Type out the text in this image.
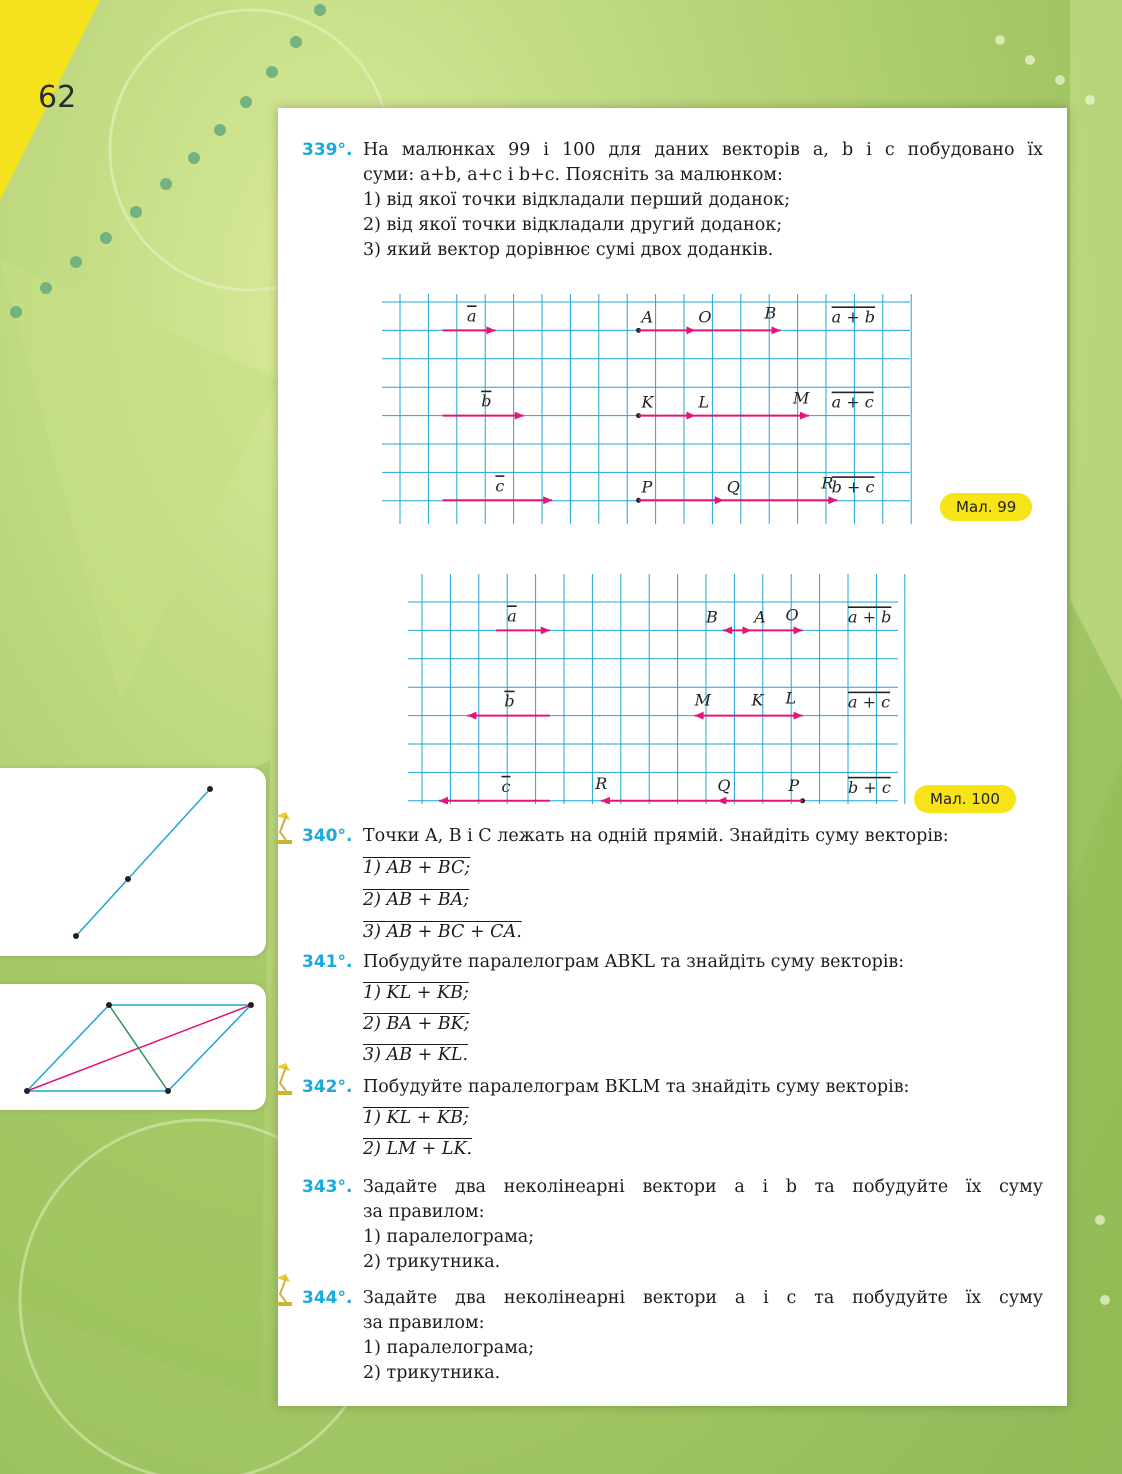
62
339°. На малюнках 99 і 100 для даних векторів a, b і c побудовано їх
суми: a+b, a+c і b+c. Поясніть за малюнком:
1) від якої точки відкладали перший доданок;
2) від якої точки відкладали другий доданок;
3) який вектор дорівнює сумі двох доданків.
a	A	O	B	a + b
b	K	L	M a + c
c	P	Q	R
b + c
Мал. 99
a + b
a + c
b + c
a	B A O
b	M	K L
c	R	Q	P
Мал. 100
340°. Точки A, B і C лежать на одній прямій. Знайдіть суму векторів:
1) AB + BC;
2) AB + BA;
3) AB + BC + CA.
341°. Побудуйте паралелограм ABKL та знайдіть суму векторів:
1) KL + KB;
2) BA + BK;
3) AB + KL.
342°. Побудуйте паралелограм BKLM та знайдіть суму векторів:
1) KL + KB;
2) LM + LK.
343°. Задайте два неколінеарні вектори a і b та побудуйте їх суму
за правилом:
1) паралелограма;
2) трикутника.
344°. Задайте два неколінеарні вектори a і c та побудуйте їх суму
за правилом:
1) паралелограма;
2) трикутника.
